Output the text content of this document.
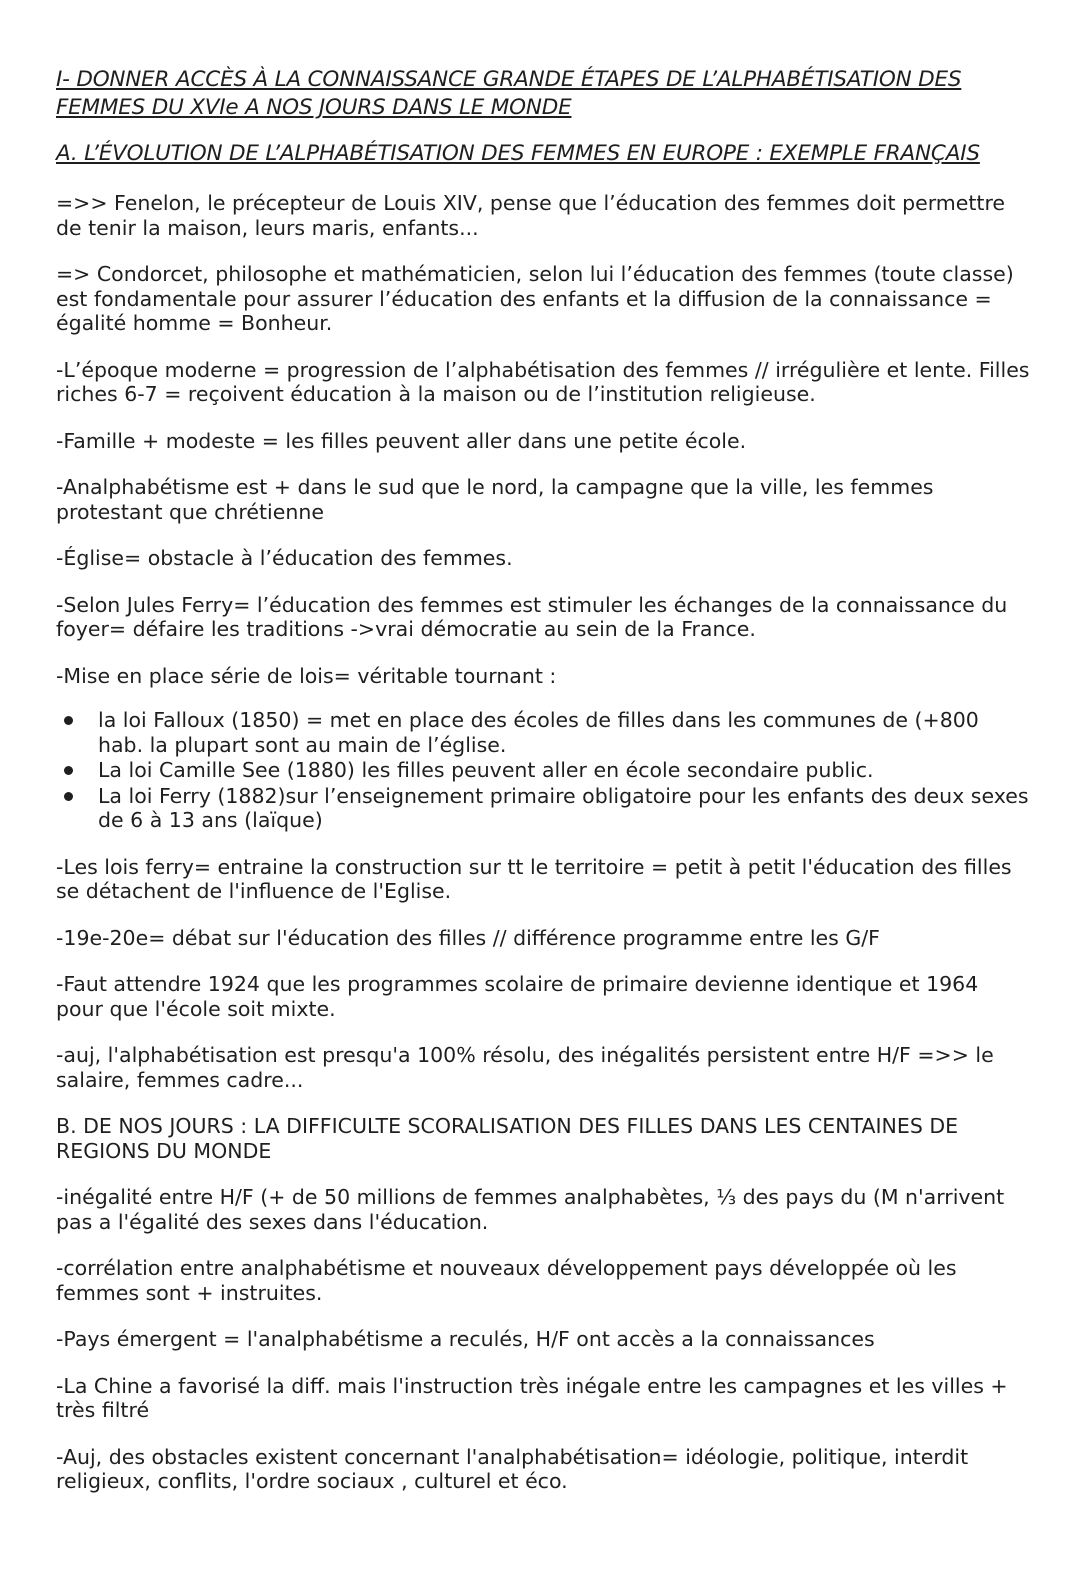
I- DONNER ACCÈS À LA CONNAISSANCE GRANDE ÉTAPES DE L’ALPHABÉTISATION DES
FEMMES DU XVIe A NOS JOURS DANS LE MONDE
A. L’ÉVOLUTION DE L’ALPHABÉTISATION DES FEMMES EN EUROPE : EXEMPLE FRANÇAIS

=>> Fenelon, le précepteur de Louis XIV, pense que l’éducation des femmes doit permettre de tenir la maison, leurs maris, enfants...

=> Condorcet, philosophe et mathématicien, selon lui l’éducation des femmes (toute classe) est fondamentale pour assurer l’éducation des enfants et la diffusion de la connaissance = égalité homme = Bonheur.

-L’époque moderne = progression de l’alphabétisation des femmes // irrégulière et lente. Filles riches 6-7 = reçoivent éducation à la maison ou de l’institution religieuse.

-Famille + modeste = les filles peuvent aller dans une petite école.

-Analphabétisme est + dans le sud que le nord, la campagne que la ville, les femmes protestant que chrétienne

-Église= obstacle à l’éducation des femmes.

-Selon Jules Ferry= l’éducation des femmes est stimuler les échanges de la connaissance du foyer= défaire les traditions ->vrai démocratie au sein de la France.

-Mise en place série de lois= véritable tournant :

la loi Falloux (1850) = met en place des écoles de filles dans les communes de (+800 hab. la plupart sont au main de l’église.
La loi Camille See (1880) les filles peuvent aller en école secondaire public.
La loi Ferry (1882)sur l’enseignement primaire obligatoire pour les enfants des deux sexes de 6 à 13 ans (laïque)

-Les lois ferry= entraine la construction sur tt le territoire = petit à petit l'éducation des filles se détachent de l'influence de l'Eglise.

-19e-20e= débat sur l'éducation des filles // différence programme entre les G/F

-Faut attendre 1924 que les programmes scolaire de primaire devienne identique et 1964 pour que l'école soit mixte.

-auj, l'alphabétisation est presqu'a 100% résolu, des inégalités persistent entre H/F =>> le salaire, femmes cadre...

B. DE NOS JOURS : LA DIFFICULTE SCORALISATION DES FILLES DANS LES CENTAINES DE REGIONS DU MONDE

-inégalité entre H/F (+ de 50 millions de femmes analphabètes, ⅓ des pays du (M n'arrivent pas a l'égalité des sexes dans l'éducation.

-corrélation entre analphabétisme et nouveaux développement pays développée où les femmes sont + instruites.

-Pays émergent = l'analphabétisme a reculés, H/F ont accès a la connaissances

-La Chine a favorisé la diff. mais l'instruction très inégale entre les campagnes et les villes + très filtré

-Auj, des obstacles existent concernant l'analphabétisation= idéologie, politique, interdit religieux, conflits, l'ordre sociaux , culturel et éco.
